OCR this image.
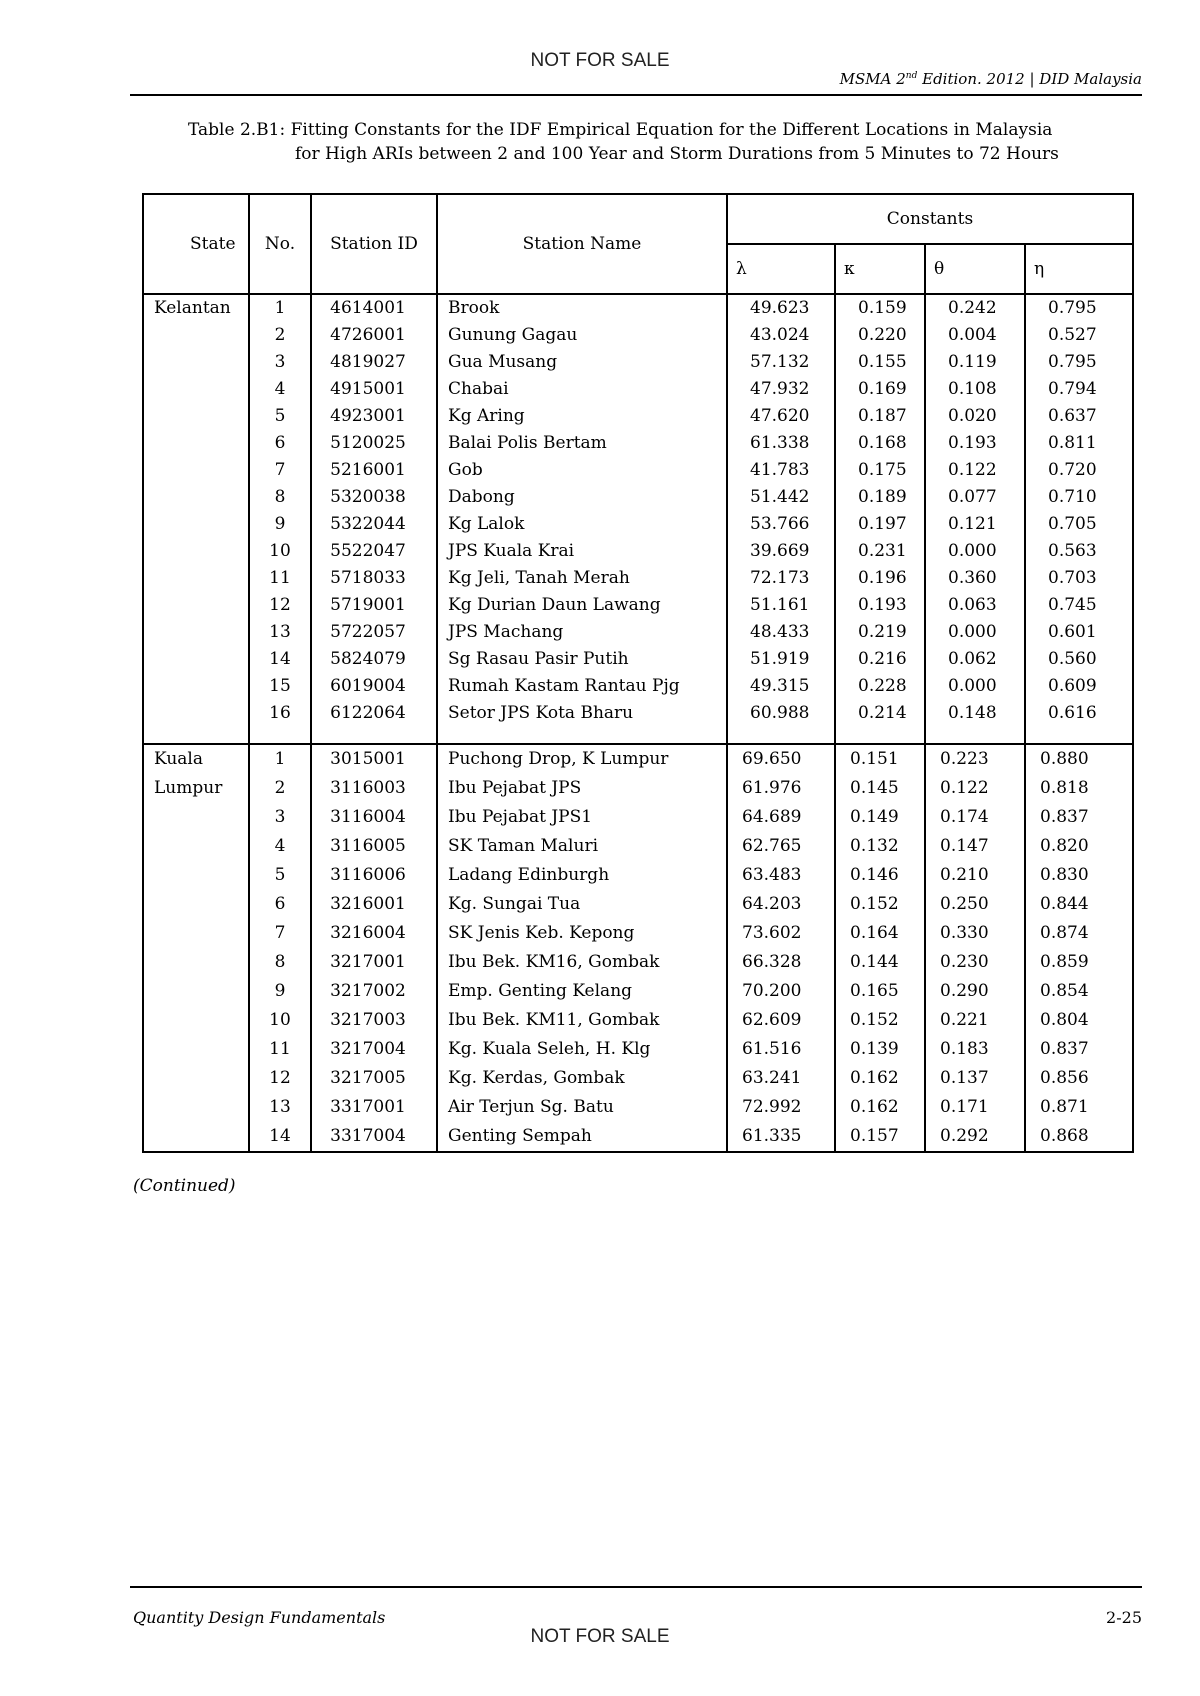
NOT FOR SALE
MSMA 2nd Edition. 2012 | DID Malaysia
Table 2.B1: Fitting Constants for the IDF Empirical Equation for the Different Locations in Malaysia
for High ARIs between 2 and 100 Year and Storm Durations from 5 Minutes to 72 Hours
State	No.	Station ID	Station Name	Constants			
				λ	κ	θ	η
Kelantan	1	4614001	Brook	49.623	0.159	0.242	0.795
	2	4726001	Gunung Gagau	43.024	0.220	0.004	0.527
	3	4819027	Gua Musang	57.132	0.155	0.119	0.795
	4	4915001	Chabai	47.932	0.169	0.108	0.794
	5	4923001	Kg Aring	47.620	0.187	0.020	0.637
	6	5120025	Balai Polis Bertam	61.338	0.168	0.193	0.811
	7	5216001	Gob	41.783	0.175	0.122	0.720
	8	5320038	Dabong	51.442	0.189	0.077	0.710
	9	5322044	Kg Lalok	53.766	0.197	0.121	0.705
	10	5522047	JPS Kuala Krai	39.669	0.231	0.000	0.563
	11	5718033	Kg Jeli, Tanah Merah	72.173	0.196	0.360	0.703
	12	5719001	Kg Durian Daun Lawang	51.161	0.193	0.063	0.745
	13	5722057	JPS Machang	48.433	0.219	0.000	0.601
	14	5824079	Sg Rasau Pasir Putih	51.919	0.216	0.062	0.560
	15	6019004	Rumah Kastam Rantau Pjg	49.315	0.228	0.000	0.609
	16	6122064	Setor JPS Kota Bharu	60.988	0.214	0.148	0.616

Kuala	1	3015001	Puchong Drop, K Lumpur	69.650	0.151	0.223	0.880
Lumpur	2	3116003	Ibu Pejabat JPS	61.976	0.145	0.122	0.818
	3	3116004	Ibu Pejabat JPS1	64.689	0.149	0.174	0.837
	4	3116005	SK Taman Maluri	62.765	0.132	0.147	0.820
	5	3116006	Ladang Edinburgh	63.483	0.146	0.210	0.830
	6	3216001	Kg. Sungai Tua	64.203	0.152	0.250	0.844
	7	3216004	SK Jenis Keb. Kepong	73.602	0.164	0.330	0.874
	8	3217001	Ibu Bek. KM16, Gombak	66.328	0.144	0.230	0.859
	9	3217002	Emp. Genting Kelang	70.200	0.165	0.290	0.854
	10	3217003	Ibu Bek. KM11, Gombak	62.609	0.152	0.221	0.804
	11	3217004	Kg. Kuala Seleh, H. Klg	61.516	0.139	0.183	0.837
	12	3217005	Kg. Kerdas, Gombak	63.241	0.162	0.137	0.856
	13	3317001	Air Terjun Sg. Batu	72.992	0.162	0.171	0.871
	14	3317004	Genting Sempah	61.335	0.157	0.292	0.868
(Continued)
Quantity Design Fundamentals	2-25
NOT FOR SALE
